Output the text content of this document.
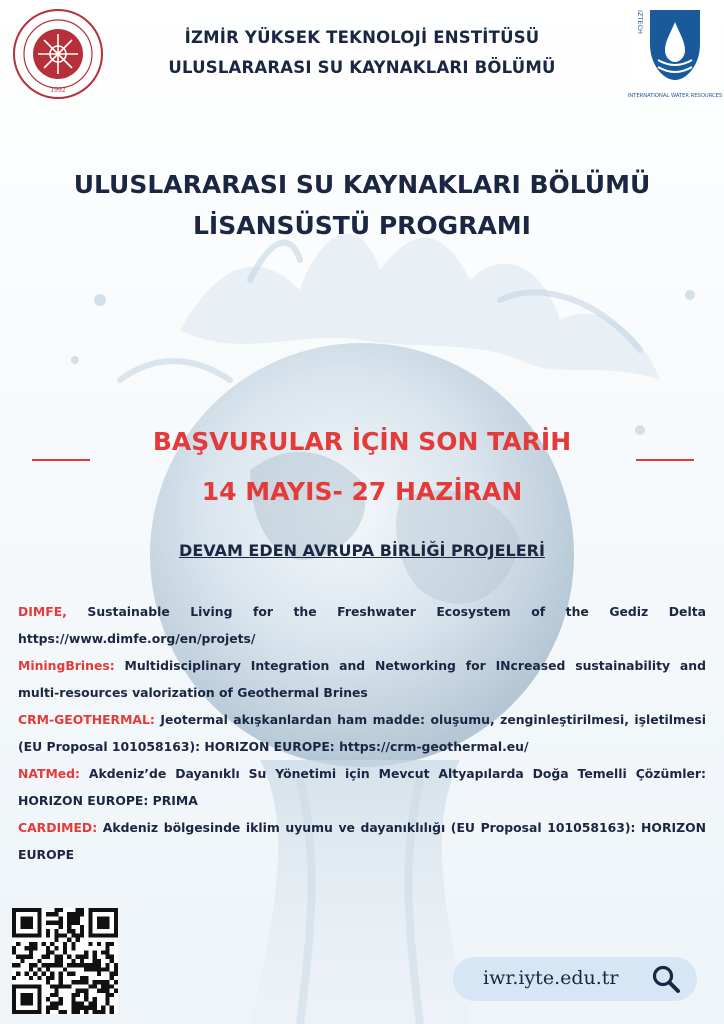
1992
IZTECH
INTERNATIONAL WATER RESOURCES
İZMİR YÜKSEK TEKNOLOJİ ENSTİTÜSÜ
ULUSLARARASI SU KAYNAKLARI BÖLÜMÜ
ULUSLARARASI SU KAYNAKLARI BÖLÜMÜ
LİSANSÜSTÜ PROGRAMI
BAŞVURULAR İÇİN SON TARİH
14 MAYIS- 27 HAZİRAN
DEVAM EDEN AVRUPA BİRLİĞİ PROJELERİ

DIMFE, Sustainable Living for the Freshwater Ecosystem of the Gediz Delta https://www.dimfe.org/en/projets/

MiningBrines: Multidisciplinary Integration and Networking for INcreased sustainability and multi-resources valorization of Geothermal Brines

CRM-GEOTHERMAL: Jeotermal akışkanlardan ham madde: oluşumu, zenginleştirilmesi, işletilmesi (EU Proposal 101058163): HORIZON EUROPE: https://crm-geothermal.eu/

NATMed: Akdeniz’de Dayanıklı Su Yönetimi için Mevcut Altyapılarda Doğa Temelli Çözümler: HORIZON EUROPE: PRIMA

CARDIMED: Akdeniz bölgesinde iklim uyumu ve dayanıklılığı (EU Proposal 101058163): HORIZON EUROPE

iwr.iyte.edu.tr
